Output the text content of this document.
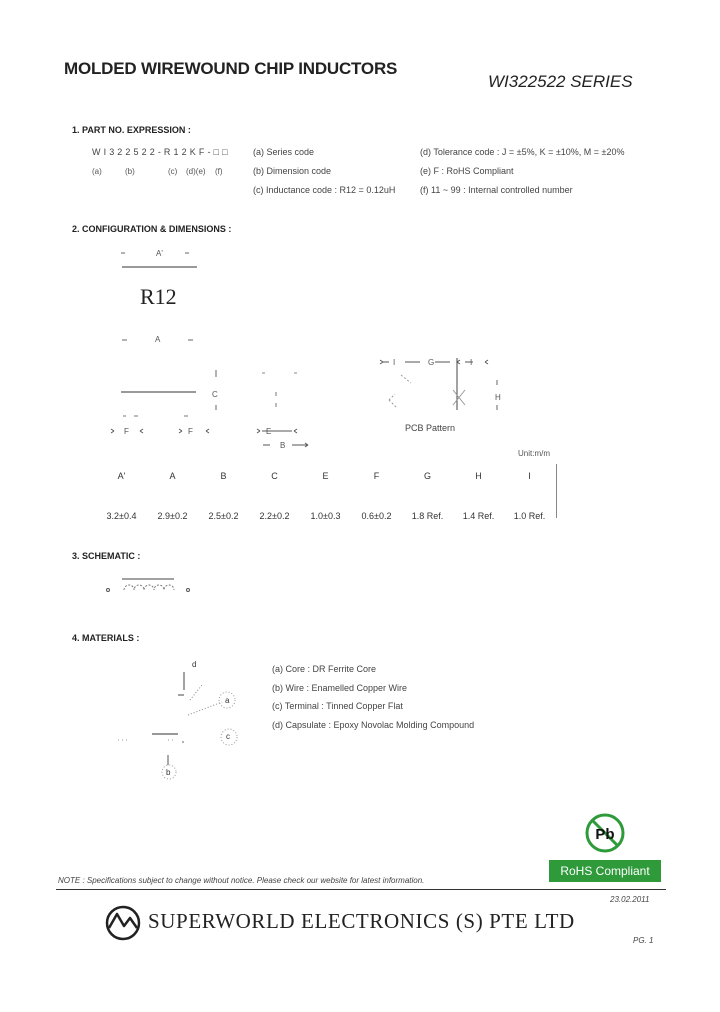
MOLDED WIREWOUND CHIP INDUCTORS
WI322522 SERIES
1. PART NO. EXPRESSION :
W I 3 2 2 5 2 2 - R 1 2 K F - □ □
(a)	(b)	(c) (d)(e) (f)
(a) Series code
(b) Dimension code
(c) Inductance code : R12 = 0.12uH
(d) Tolerance code : J = ±5%, K = ±10%, M = ±20%
(e) F : RoHS Compliant
(f) 11 ~ 99 : Internal controlled number
2. CONFIGURATION & DIMENSIONS :
A'
R12
A
C
F	F	E
B
I	G	I
H
PCB Pattern
Unit:m/m
A'	A	B	C	E	F	G	H	I

3.2±0.4	2.9±0.2	2.5±0.2	2.2±0.2	1.0±0.3	0.6±0.2	1.8 Ref.	1.4 Ref.	1.0 Ref.
3. SCHEMATIC :
4. MATERIALS :
d
a
c
b
(a) Core : DR Ferrite Core
(b) Wire : Enamelled Copper Wire
(c) Terminal : Tinned Copper Flat
(d) Capsulate : Epoxy Novolac Molding Compound
Pb
RoHS Compliant
NOTE : Specifications subject to change without notice. Please check our website for latest information.
23.02.2011
SUPERWORLD ELECTRONICS (S) PTE LTD
PG. 1
